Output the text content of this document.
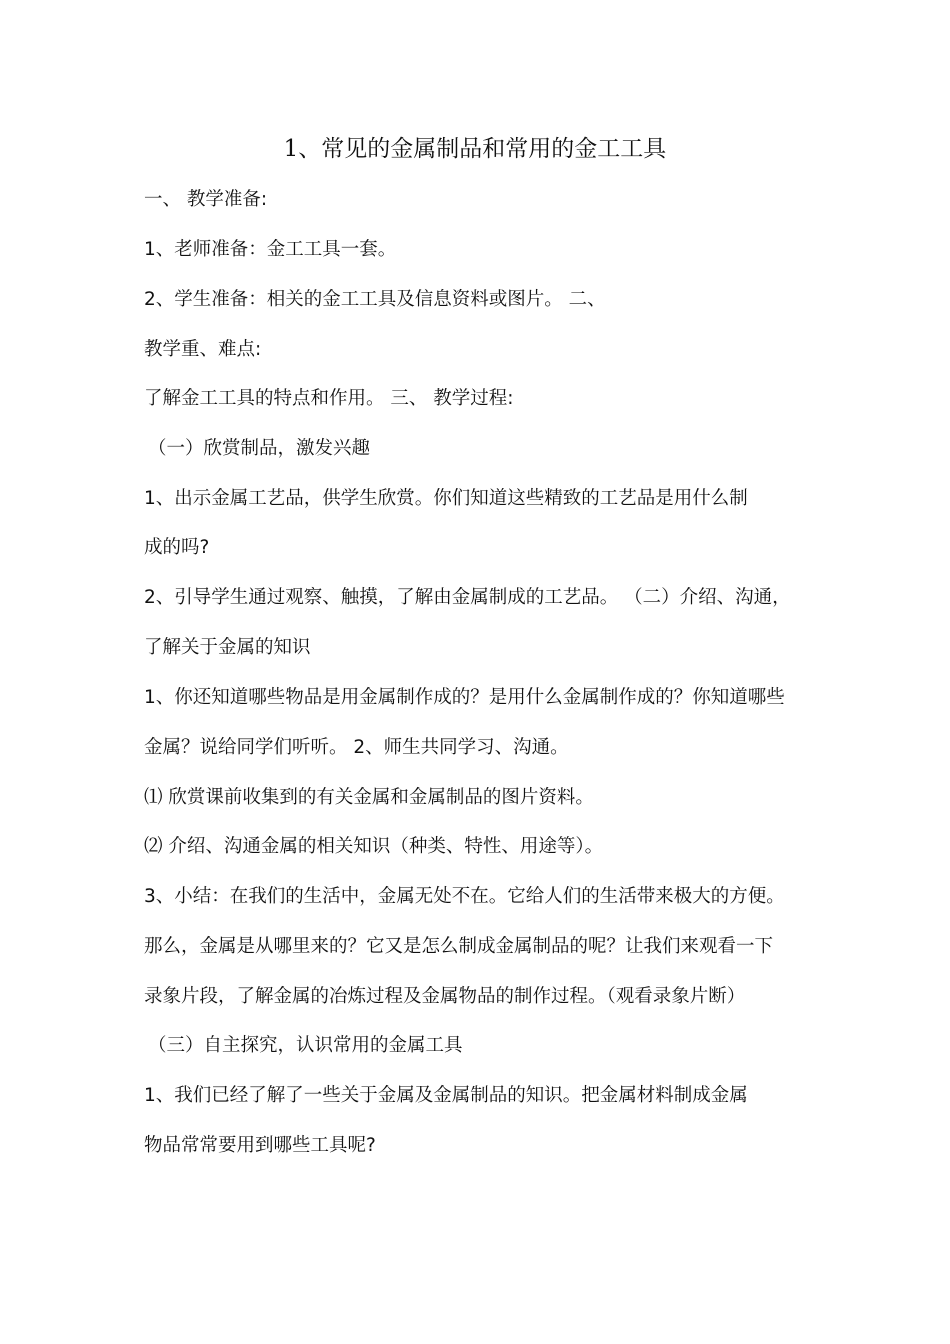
1、常见的金属制品和常用的金工工具
一、 教学准备:
1、老师准备：金工工具一套。
2、学生准备：相关的金工工具及信息资料或图片。 二、
教学重、难点:
了解金工工具的特点和作用。 三、 教学过程:
（一）欣赏制品，激发兴趣
1、出示金属工艺品，供学生欣赏。你们知道这些精致的工艺品是用什么制
成的吗?
2、引导学生通过观察、触摸，了解由金属制成的工艺品。 （二）介绍、沟通，
了解关于金属的知识
1、你还知道哪些物品是用金属制作成的？是用什么金属制作成的？你知道哪些
金属？说给同学们听听。 2、师生共同学习、沟通。
⑴ 欣赏课前收集到的有关金属和金属制品的图片资料。
⑵ 介绍、沟通金属的相关知识（种类、特性、用途等）。
3、小结：在我们的生活中，金属无处不在。它给人们的生活带来极大的方便。
那么，金属是从哪里来的？它又是怎么制成金属制品的呢？让我们来观看一下
录象片段，了解金属的冶炼过程及金属物品的制作过程。（观看录象片断）
（三）自主探究，认识常用的金属工具
1、我们已经了解了一些关于金属及金属制品的知识。把金属材料制成金属
物品常常要用到哪些工具呢?
